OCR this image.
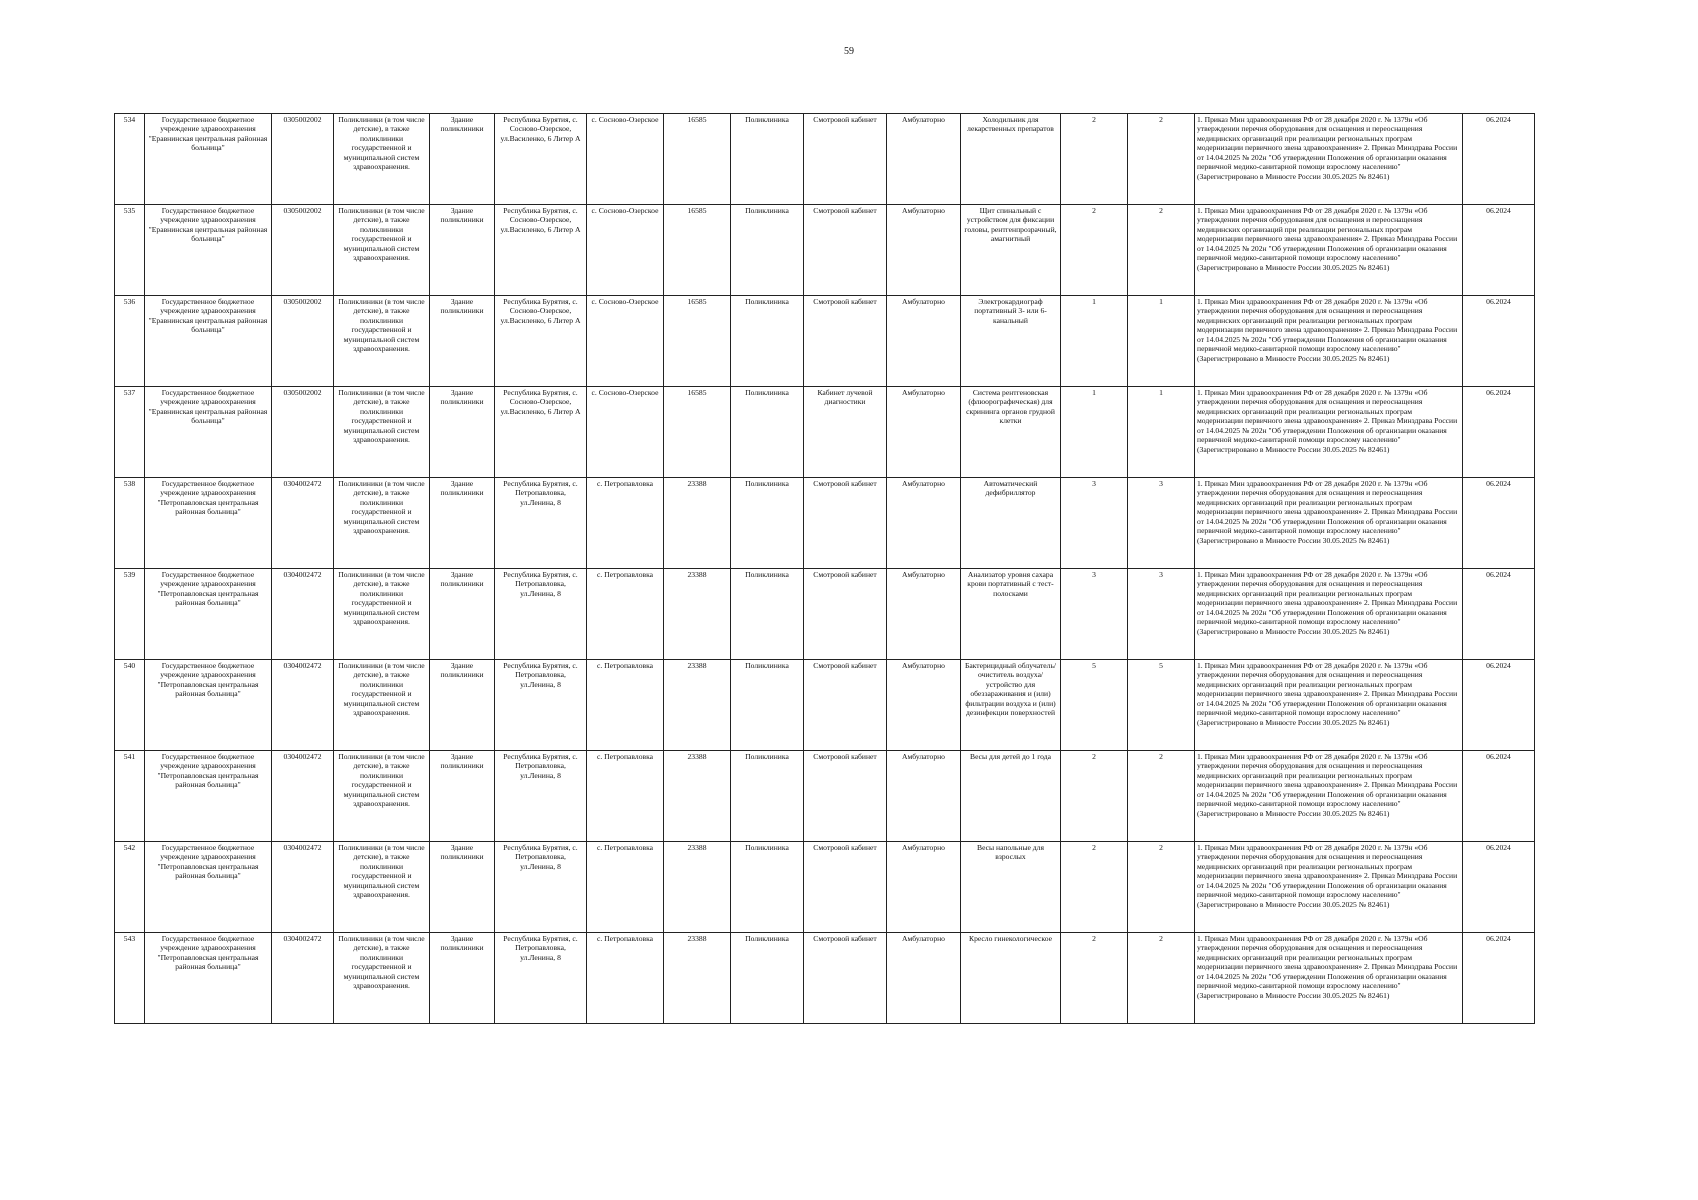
59
534	Государственное бюджетное учреждение здравоохранения "Еравнинская центральная районная больница"	0305002002	Поликлиники (в том числе детские), в также поликлиники государственной и муниципальной систем здравоохранения.	Здание поликлиники	Республика Бурятия, с. Сосново-Озерское, ул.Василенко, 6 Литер А	с. Сосново-Озерское	16585	Поликлиника	Смотровой кабинет	Амбулаторно	Холодильник для лекарственных препаратов	2	2	1. Приказ Мин здравоохранения РФ от 28 декабря 2020 г. № 1379н «Об утверждении перечня оборудования для оснащения и переоснащения медицинских организаций при реализации региональных програм модернизации первичного звена здравоохранения» 2. Приказ Минздрава России от 14.04.2025 № 202н "Об утверждении Положения об организации оказания первичной медико-санитарной помощи взрослому населению" (Зарегистрировано в Минюсте России 30.05.2025 № 82461)	06.2024
535	Государственное бюджетное учреждение здравоохранения "Еравнинская центральная районная больница"	0305002002	Поликлиники (в том числе детские), в также поликлиники государственной и муниципальной систем здравоохранения.	Здание поликлиники	Республика Бурятия, с. Сосново-Озерское, ул.Василенко, 6 Литер А	с. Сосново-Озерское	16585	Поликлиника	Смотровой кабинет	Амбулаторно	Щит спинальный с устройством для фиксации головы, рентгенпрозрачный, амагнитный	2	2	1. Приказ Мин здравоохранения РФ от 28 декабря 2020 г. № 1379н «Об утверждении перечня оборудования для оснащения и переоснащения медицинских организаций при реализации региональных програм модернизации первичного звена здравоохранения» 2. Приказ Минздрава России от 14.04.2025 № 202н "Об утверждении Положения об организации оказания первичной медико-санитарной помощи взрослому населению" (Зарегистрировано в Минюсте России 30.05.2025 № 82461)	06.2024
536	Государственное бюджетное учреждение здравоохранения "Еравнинская центральная районная больница"	0305002002	Поликлиники (в том числе детские), в также поликлиники государственной и муниципальной систем здравоохранения.	Здание поликлиники	Республика Бурятия, с. Сосново-Озерское, ул.Василенко, 6 Литер А	с. Сосново-Озерское	16585	Поликлиника	Смотровой кабинет	Амбулаторно	Электрокардиограф портативный 3- или 6-канальный	1	1	1. Приказ Мин здравоохранения РФ от 28 декабря 2020 г. № 1379н «Об утверждении перечня оборудования для оснащения и переоснащения медицинских организаций при реализации региональных програм модернизации первичного звена здравоохранения» 2. Приказ Минздрава России от 14.04.2025 № 202н "Об утверждении Положения об организации оказания первичной медико-санитарной помощи взрослому населению" (Зарегистрировано в Минюсте России 30.05.2025 № 82461)	06.2024
537	Государственное бюджетное учреждение здравоохранения "Еравнинская центральная районная больница"	0305002002	Поликлиники (в том числе детские), в также поликлиники государственной и муниципальной систем здравоохранения.	Здание поликлиники	Республика Бурятия, с. Сосново-Озерское, ул.Василенко, 6 Литер А	с. Сосново-Озерское	16585	Поликлиника	Кабинет лучевой диагностики	Амбулаторно	Система рентгеновская (флюорографическая) для скрининга органов грудной клетки	1	1	1. Приказ Мин здравоохранения РФ от 28 декабря 2020 г. № 1379н «Об утверждении перечня оборудования для оснащения и переоснащения медицинских организаций при реализации региональных програм модернизации первичного звена здравоохранения» 2. Приказ Минздрава России от 14.04.2025 № 202н "Об утверждении Положения об организации оказания первичной медико-санитарной помощи взрослому населению" (Зарегистрировано в Минюсте России 30.05.2025 № 82461)	06.2024
538	Государственное бюджетное учреждение здравоохранения "Петропавловская центральная районная больница"	0304002472	Поликлиники (в том числе детские), в также поликлиники государственной и муниципальной систем здравоохранения.	Здание поликлиники	Республика Бурятия, с. Петропавловка, ул.Ленина, 8	с. Петропавловка	23388	Поликлиника	Смотровой кабинет	Амбулаторно	Автоматический дефибриллятор	3	3	1. Приказ Мин здравоохранения РФ от 28 декабря 2020 г. № 1379н «Об утверждении перечня оборудования для оснащения и переоснащения медицинских организаций при реализации региональных програм модернизации первичного звена здравоохранения» 2. Приказ Минздрава России от 14.04.2025 № 202н "Об утверждении Положения об организации оказания первичной медико-санитарной помощи взрослому населению" (Зарегистрировано в Минюсте России 30.05.2025 № 82461)	06.2024
539	Государственное бюджетное учреждение здравоохранения "Петропавловская центральная районная больница"	0304002472	Поликлиники (в том числе детские), в также поликлиники государственной и муниципальной систем здравоохранения.	Здание поликлиники	Республика Бурятия, с. Петропавловка, ул.Ленина, 8	с. Петропавловка	23388	Поликлиника	Смотровой кабинет	Амбулаторно	Анализатор уровня сахара крови портативный с тест-полосками	3	3	1. Приказ Мин здравоохранения РФ от 28 декабря 2020 г. № 1379н «Об утверждении перечня оборудования для оснащения и переоснащения медицинских организаций при реализации региональных програм модернизации первичного звена здравоохранения» 2. Приказ Минздрава России от 14.04.2025 № 202н "Об утверждении Положения об организации оказания первичной медико-санитарной помощи взрослому населению" (Зарегистрировано в Минюсте России 30.05.2025 № 82461)	06.2024
540	Государственное бюджетное учреждение здравоохранения "Петропавловская центральная районная больница"	0304002472	Поликлиники (в том числе детские), в также поликлиники государственной и муниципальной систем здравоохранения.	Здание поликлиники	Республика Бурятия, с. Петропавловка, ул.Ленина, 8	с. Петропавловка	23388	Поликлиника	Смотровой кабинет	Амбулаторно	Бактерицидный облучатель/очиститель воздуха/устройство для обеззараживания и (или) фильтрации воздуха и (или) дезинфекции поверхностей	5	5	1. Приказ Мин здравоохранения РФ от 28 декабря 2020 г. № 1379н «Об утверждении перечня оборудования для оснащения и переоснащения медицинских организаций при реализации региональных програм модернизации первичного звена здравоохранения» 2. Приказ Минздрава России от 14.04.2025 № 202н "Об утверждении Положения об организации оказания первичной медико-санитарной помощи взрослому населению" (Зарегистрировано в Минюсте России 30.05.2025 № 82461)	06.2024
541	Государственное бюджетное учреждение здравоохранения "Петропавловская центральная районная больница"	0304002472	Поликлиники (в том числе детские), в также поликлиники государственной и муниципальной систем здравоохранения.	Здание поликлиники	Республика Бурятия, с. Петропавловка, ул.Ленина, 8	с. Петропавловка	23388	Поликлиника	Смотровой кабинет	Амбулаторно	Весы для детей до 1 года	2	2	1. Приказ Мин здравоохранения РФ от 28 декабря 2020 г. № 1379н «Об утверждении перечня оборудования для оснащения и переоснащения медицинских организаций при реализации региональных програм модернизации первичного звена здравоохранения» 2. Приказ Минздрава России от 14.04.2025 № 202н "Об утверждении Положения об организации оказания первичной медико-санитарной помощи взрослому населению" (Зарегистрировано в Минюсте России 30.05.2025 № 82461)	06.2024
542	Государственное бюджетное учреждение здравоохранения "Петропавловская центральная районная больница"	0304002472	Поликлиники (в том числе детские), в также поликлиники государственной и муниципальной систем здравоохранения.	Здание поликлиники	Республика Бурятия, с. Петропавловка, ул.Ленина, 8	с. Петропавловка	23388	Поликлиника	Смотровой кабинет	Амбулаторно	Весы напольные для взрослых	2	2	1. Приказ Мин здравоохранения РФ от 28 декабря 2020 г. № 1379н «Об утверждении перечня оборудования для оснащения и переоснащения медицинских организаций при реализации региональных програм модернизации первичного звена здравоохранения» 2. Приказ Минздрава России от 14.04.2025 № 202н "Об утверждении Положения об организации оказания первичной медико-санитарной помощи взрослому населению" (Зарегистрировано в Минюсте России 30.05.2025 № 82461)	06.2024
543	Государственное бюджетное учреждение здравоохранения "Петропавловская центральная районная больница"	0304002472	Поликлиники (в том числе детские), в также поликлиники государственной и муниципальной систем здравоохранения.	Здание поликлиники	Республика Бурятия, с. Петропавловка, ул.Ленина, 8	с. Петропавловка	23388	Поликлиника	Смотровой кабинет	Амбулаторно	Кресло гинекологическое	2	2	1. Приказ Мин здравоохранения РФ от 28 декабря 2020 г. № 1379н «Об утверждении перечня оборудования для оснащения и переоснащения медицинских организаций при реализации региональных програм модернизации первичного звена здравоохранения» 2. Приказ Минздрава России от 14.04.2025 № 202н "Об утверждении Положения об организации оказания первичной медико-санитарной помощи взрослому населению" (Зарегистрировано в Минюсте России 30.05.2025 № 82461)	06.2024
